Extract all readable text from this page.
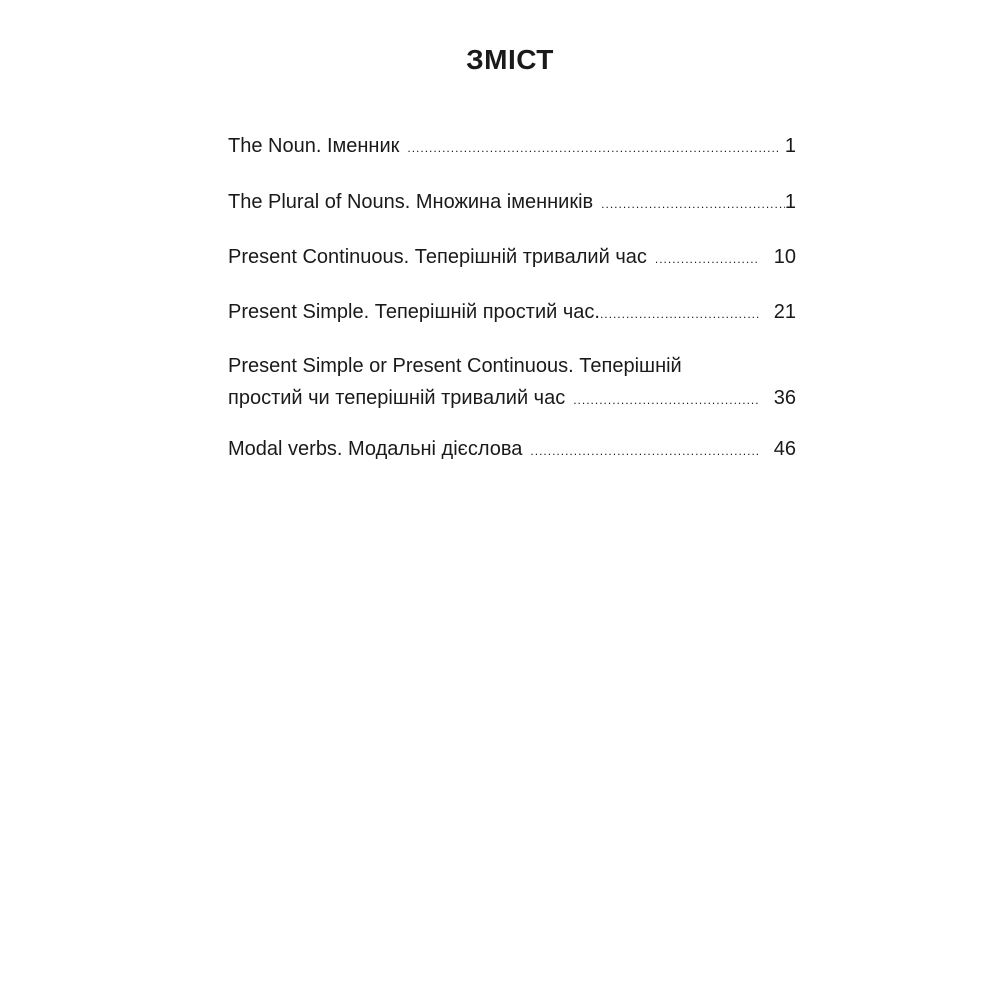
ЗМІСТ
The Noun. Іменник .....	1
The Plural of Nouns. Множина іменників .....	1
Present Continuous. Теперішній тривалий час .....	10
Present Simple. Теперішній простий час. .....	21
Present Simple or Present Continuous. Теперішній
простий чи теперішній тривалий час .....	36
Modal verbs. Модальні дієслова .....	46
